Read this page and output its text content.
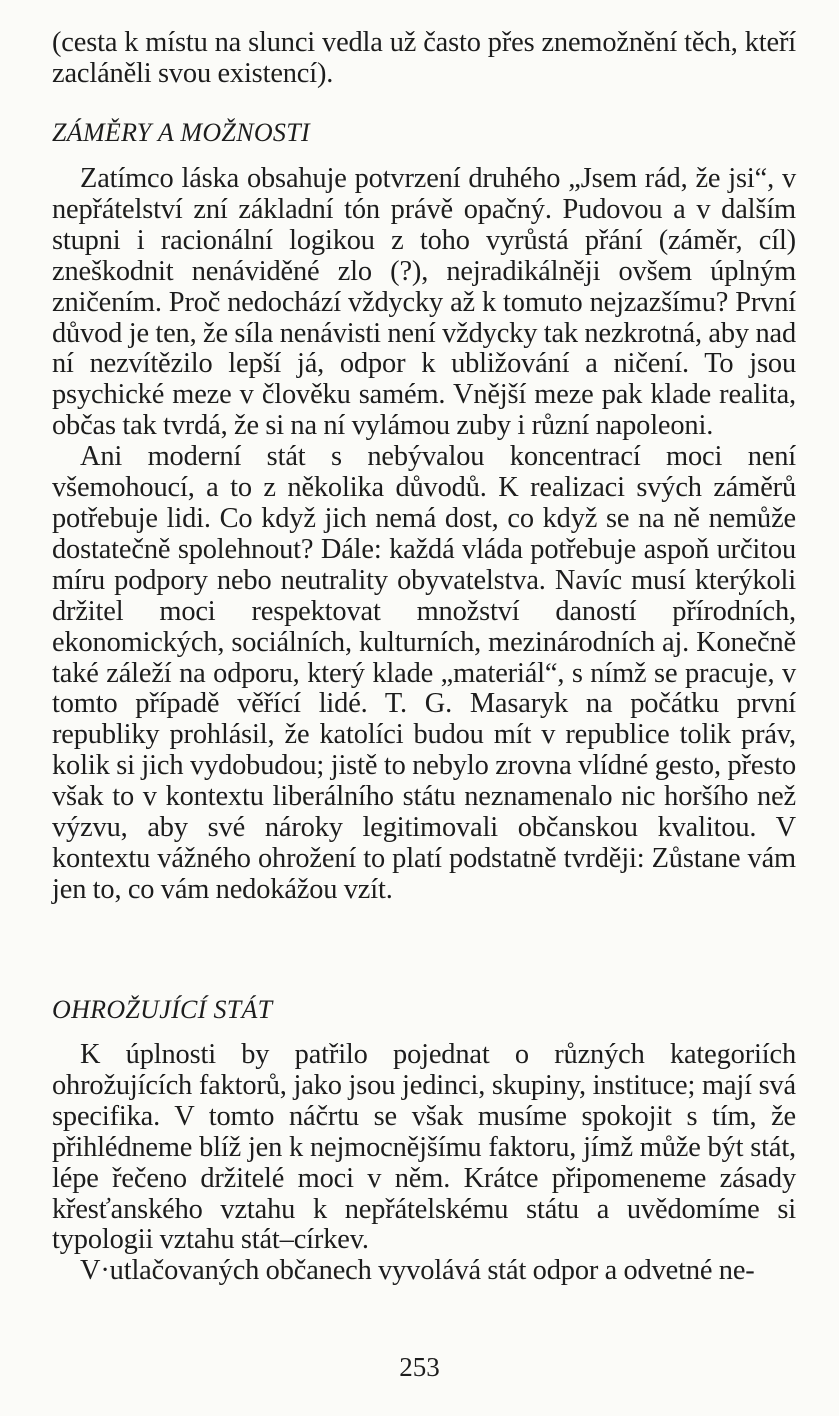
(cesta k místu na slunci vedla už často přes znemožnění těch, kteří zacláněli svou existencí).

ZÁMĚRY A MOŽNOSTI

Zatímco láska obsahuje potvrzení druhého „Jsem rád, že jsi“, v nepřátelství zní základní tón právě opačný. Pudovou a v dalším stupni i racionální logikou z toho vyrůstá přání (záměr, cíl) zneškodnit nenáviděné zlo (?), nejradikálněji ovšem úplným zničením. Proč nedochází vždycky až k tomuto nejzazšímu? První důvod je ten, že síla nenávisti není vždycky tak nezkrotná, aby nad ní nezvítězilo lepší já, odpor k ubližování a ničení. To jsou psychické meze v člověku samém. Vnější meze pak klade realita, občas tak tvrdá, že si na ní vylámou zuby i různí napoleoni.

Ani moderní stát s nebývalou koncentrací moci není všemohoucí, a to z několika důvodů. K realizaci svých záměrů potřebuje lidi. Co když jich nemá dost, co když se na ně nemůže dostatečně spolehnout? Dále: každá vláda potřebuje aspoň určitou míru podpory nebo neutrality obyvatelstva. Navíc musí kterýkoli držitel moci respektovat množství daností přírodních, ekonomických, sociálních, kulturních, mezinárodních aj. Konečně také záleží na odporu, který klade „materiál“, s nímž se pracuje, v tomto případě věřící lidé. T. G. Masaryk na počátku první republiky prohlásil, že katolíci budou mít v republice tolik práv, kolik si jich vydobudou; jistě to nebylo zrovna vlídné gesto, přesto však to v kontextu liberálního státu neznamenalo nic horšího než výzvu, aby své nároky legitimovali občanskou kvalitou. V kontextu vážného ohrožení to platí podstatně tvrději: Zůstane vám jen to, co vám nedokážou vzít.

OHROŽUJÍCÍ STÁT

K úplnosti by patřilo pojednat o různých kategoriích ohrožujících faktorů, jako jsou jedinci, skupiny, instituce; mají svá specifika. V tomto náčrtu se však musíme spokojit s tím, že přihlédneme blíž jen k nejmocnějšímu faktoru, jímž může být stát, lépe řečeno držitelé moci v něm. Krátce připomeneme zásady křesťanského vztahu k nepřátelskému státu a uvědomíme si typologii vztahu stát–církev.

V·utlačovaných občanech vyvolává stát odpor a odvetné ne-

253
